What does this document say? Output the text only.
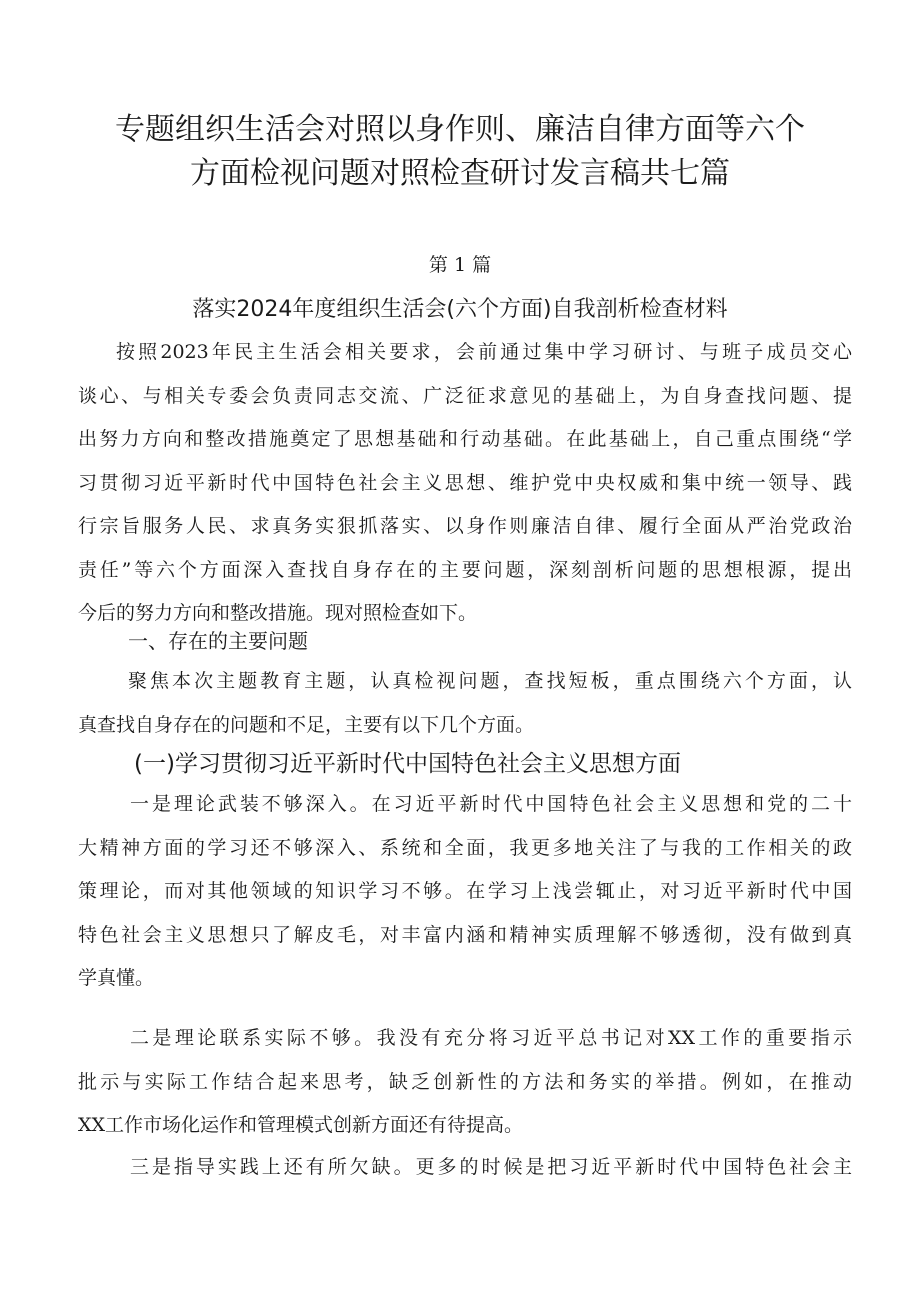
专题组织生活会对照以身作则、廉洁自律方面等六个
方面检视问题对照检查研讨发言稿共七篇
第 1 篇
落实2024年度组织生活会(六个方面)自我剖析检查材料
按照2023年民主生活会相关要求，会前通过集中学习研讨、与班子成员交心
谈心、与相关专委会负责同志交流、广泛征求意见的基础上，为自身查找问题、提
出努力方向和整改措施奠定了思想基础和行动基础。在此基础上，自己重点围绕“学
习贯彻习近平新时代中国特色社会主义思想、维护党中央权威和集中统一领导、践
行宗旨服务人民、求真务实狠抓落实、以身作则廉洁自律、履行全面从严治党政治
责任”等六个方面深入查找自身存在的主要问题，深刻剖析问题的思想根源，提出
今后的努力方向和整改措施。现对照检查如下。
一、存在的主要问题
聚焦本次主题教育主题，认真检视问题，查找短板，重点围绕六个方面，认
真查找自身存在的问题和不足，主要有以下几个方面。
(一)学习贯彻习近平新时代中国特色社会主义思想方面
一是理论武装不够深入。在习近平新时代中国特色社会主义思想和党的二十
大精神方面的学习还不够深入、系统和全面，我更多地关注了与我的工作相关的政
策理论，而对其他领域的知识学习不够。在学习上浅尝辄止，对习近平新时代中国
特色社会主义思想只了解皮毛，对丰富内涵和精神实质理解不够透彻，没有做到真
学真懂。
二是理论联系实际不够。我没有充分将习近平总书记对XX工作的重要指示
批示与实际工作结合起来思考，缺乏创新性的方法和务实的举措。例如，在推动
XX工作市场化运作和管理模式创新方面还有待提高。
三是指导实践上还有所欠缺。更多的时候是把习近平新时代中国特色社会主
